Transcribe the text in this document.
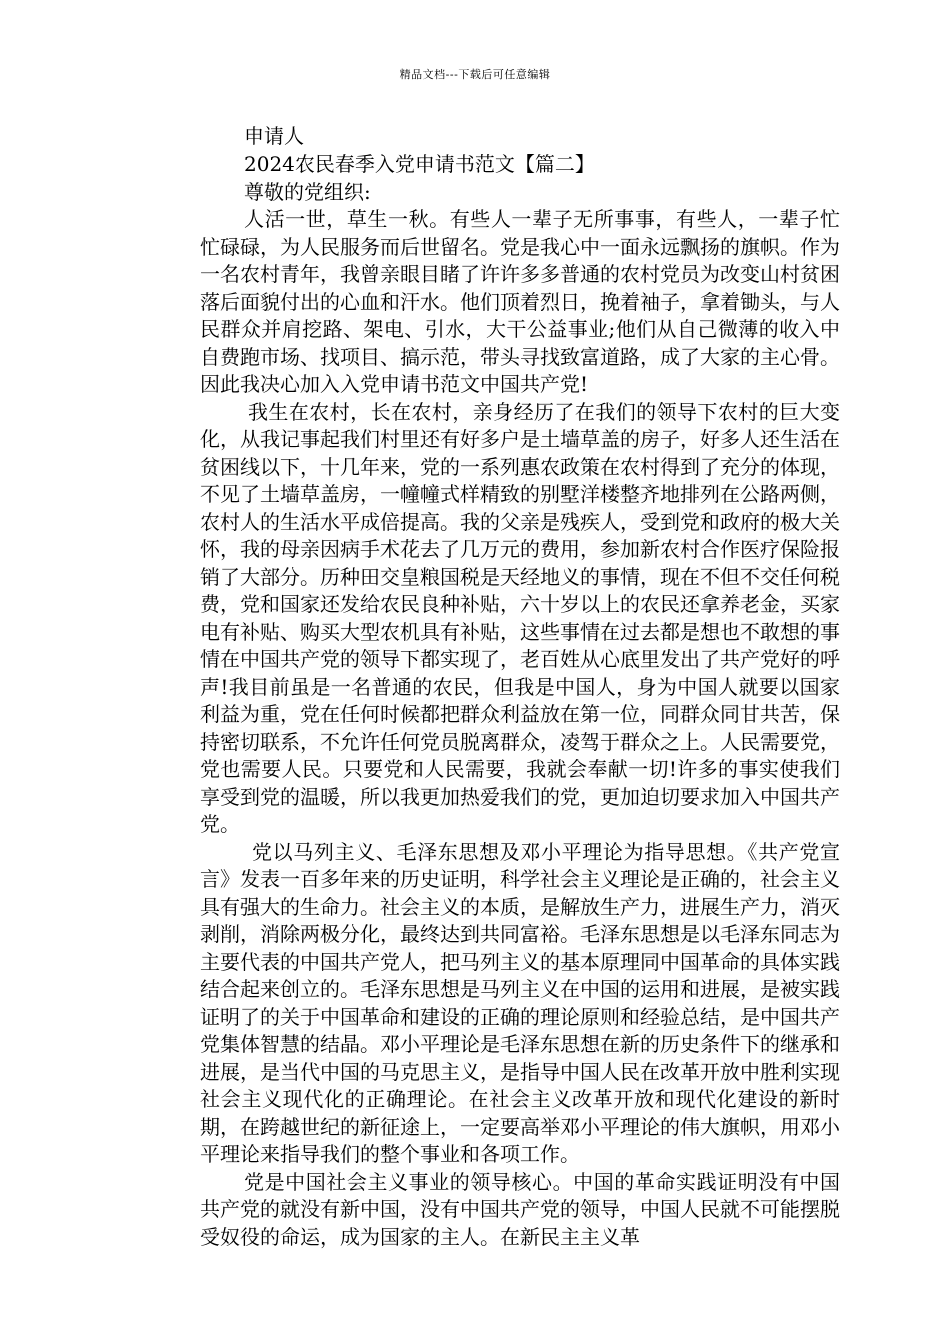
精品文档---下载后可任意编辑
申请人
2024农民春季入党申请书范文【篇二】
尊敬的党组织:

人活一世，草生一秋。有些人一辈子无所事事，有些人，一辈子忙忙碌碌，为人民服务而后世留名。党是我心中一面永远飘扬的旗帜。作为一名农村青年，我曾亲眼目睹了许许多多普通的农村党员为改变山村贫困落后面貌付出的心血和汗水。他们顶着烈日，挽着袖子，拿着锄头，与人民群众并肩挖路、架电、引水，大干公益事业;他们从自己微薄的收入中自费跑市场、找项目、搞示范，带头寻找致富道路，成了大家的主心骨。因此我决心加入入党申请书范文中国共产党!

我生在农村，长在农村，亲身经历了在我们的领导下农村的巨大变化，从我记事起我们村里还有好多户是土墙草盖的房子，好多人还生活在贫困线以下，十几年来，党的一系列惠农政策在农村得到了充分的体现，不见了土墙草盖房，一幢幢式样精致的别墅洋楼整齐地排列在公路两侧，农村人的生活水平成倍提高。我的父亲是残疾人，受到党和政府的极大关怀，我的母亲因病手术花去了几万元的费用，参加新农村合作医疗保险报销了大部分。历种田交皇粮国税是天经地义的事情，现在不但不交任何税费，党和国家还发给农民良种补贴，六十岁以上的农民还拿养老金，买家电有补贴、购买大型农机具有补贴，这些事情在过去都是想也不敢想的事情在中国共产党的领导下都实现了，老百姓从心底里发出了共产党好的呼声!我目前虽是一名普通的农民，但我是中国人，身为中国人就要以国家利益为重，党在任何时候都把群众利益放在第一位，同群众同甘共苦，保持密切联系，不允许任何党员脱离群众，凌驾于群众之上。人民需要党，党也需要人民。只要党和人民需要，我就会奉献一切!许多的事实使我们享受到党的温暖，所以我更加热爱我们的党，更加迫切要求加入中国共产党。

党以马列主义、毛泽东思想及邓小平理论为指导思想。《共产党宣言》发表一百多年来的历史证明，科学社会主义理论是正确的，社会主义具有强大的生命力。社会主义的本质，是解放生产力，进展生产力，消灭剥削，消除两极分化，最终达到共同富裕。毛泽东思想是以毛泽东同志为主要代表的中国共产党人，把马列主义的基本原理同中国革命的具体实践结合起来创立的。毛泽东思想是马列主义在中国的运用和进展，是被实践证明了的关于中国革命和建设的正确的理论原则和经验总结，是中国共产党集体智慧的结晶。邓小平理论是毛泽东思想在新的历史条件下的继承和进展，是当代中国的马克思主义，是指导中国人民在改革开放中胜利实现社会主义现代化的正确理论。在社会主义改革开放和现代化建设的新时期，在跨越世纪的新征途上，一定要高举邓小平理论的伟大旗帜，用邓小平理论来指导我们的整个事业和各项工作。

党是中国社会主义事业的领导核心。中国的革命实践证明没有中国共产党的就没有新中国，没有中国共产党的领导，中国人民就不可能摆脱受奴役的命运，成为国家的主人。在新民主主义革
